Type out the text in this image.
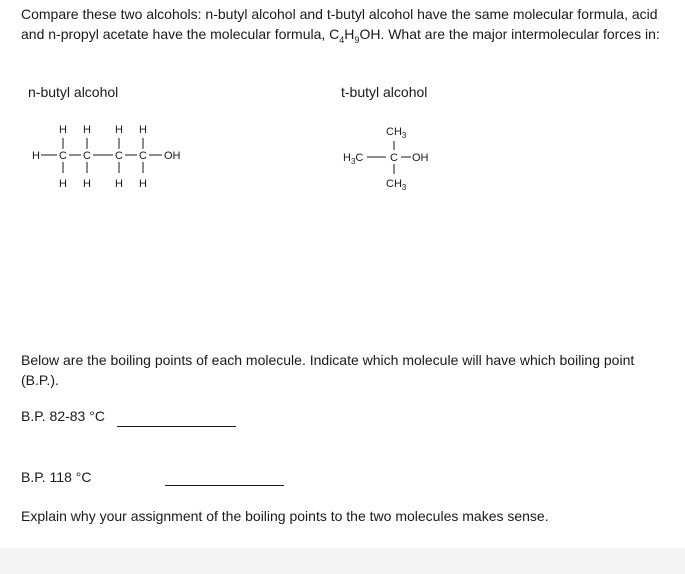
Compare these two alcohols: n-butyl alcohol and t-butyl alcohol have the same molecular formula, acid and n-propyl acetate have the molecular formula, $C_4H_9OH$. What are the major intermolecular forces in:
n-butyl alcohol	t-butyl alcohol
H H H H
H C C C C OH
H H H H
$CH_3$
$H_3C$ C OH
$CH_3$
Below are the boiling points of each molecule. Indicate which molecule will have which boiling point (B.P.).
B.P. 82-83 °C
B.P. 118 °C
Explain why your assignment of the boiling points to the two molecules makes sense.
